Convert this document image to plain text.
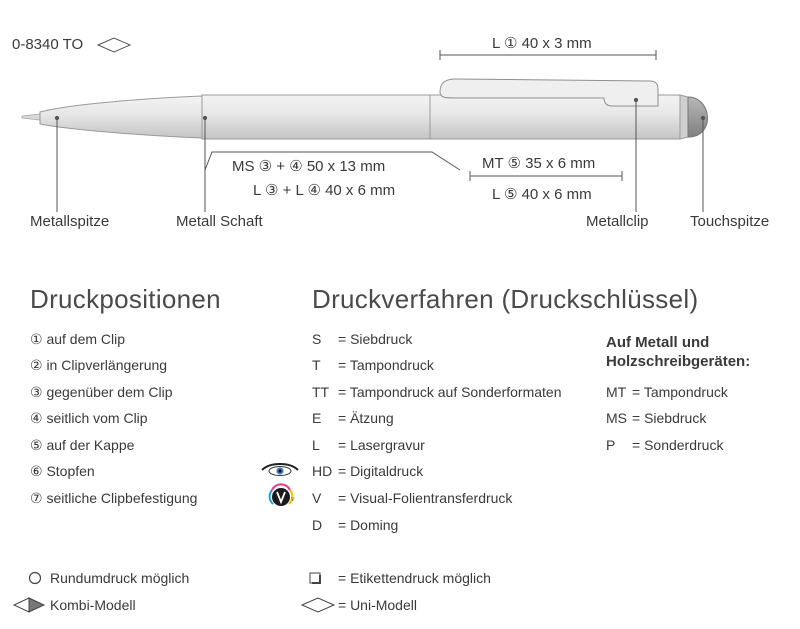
V
0-8340 TO	L ① 40 x 3 mm
MS ③ + ④ 50 x 13 mm
L ③ + L ④ 40 x 6 mm
MT ⑤ 35 x 6 mm
L ⑤ 40 x 6 mm
Metallspitze	Metall Schaft	Metallclip	Touchspitze
Druckpositionen
① auf dem Clip
② in Clipverlängerung
③ gegenüber dem Clip
④ seitlich vom Clip
⑤ auf der Kappe
⑥ Stopfen
⑦ seitliche Clipbefestigung
Druckverfahren (Druckschlüssel)
S = Siebdruck
T = Tampondruck
TT = Tampondruck auf Sonderformaten
E = Ätzung
L = Lasergravur
HD = Digitaldruck
V = Visual-Folientransferdruck
D = Doming
Auf Metall und
Holzschreibgeräten:
MT = Tampondruck
MS = Siebdruck
P = Sonderdruck
Rundumdruck möglich
Kombi-Modell
= Etikettendruck möglich
= Uni-Modell
